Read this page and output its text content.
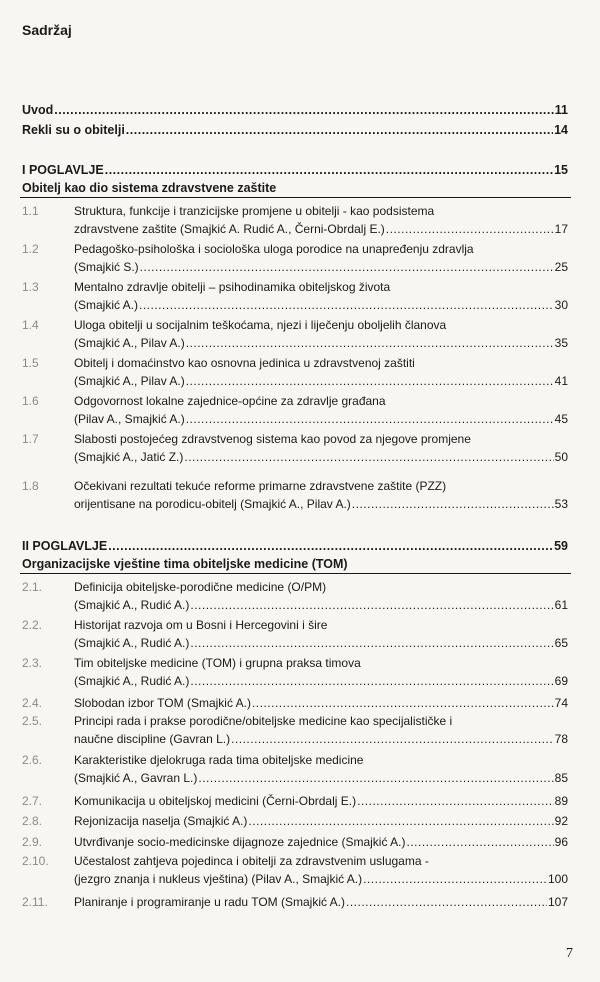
Sadržaj
Uvod .....	11
Rekli su o obitelji .....	14
I POGLAVLJE .....	15
Obitelj kao dio sistema zdravstvene zaštite
1.1	Struktura, funkcije i tranzicijske promjene u obitelji - kao podsistema
zdravstvene zaštite (Smajkić A. Rudić A., Černi-Obrdalj E.) .....	17
1.2	Pedagoško-psihološka i sociološka uloga porodice na unapređenju zdravlja
(Smajkić S.) .....	25
1.3	Mentalno zdravlje obitelji – psihodinamika obiteljskog života
(Smajkić A.) .....	30
1.4	Uloga obitelji u socijalnim teškoćama, njezi i liječenju oboljelih članova
(Smajkić A., Pilav A.) .....	35
1.5	Obitelj i domaćinstvo kao osnovna jedinica u zdravstvenoj zaštiti
(Smajkić A., Pilav A.) .....	41
1.6	Odgovornost lokalne zajednice-općine za zdravlje građana
(Pilav A., Smajkić A.) .....	45
1.7	Slabosti postojećeg zdravstvenog sistema kao povod za njegove promjene
(Smajkić A., Jatić Z.) .....	50
1.8	Očekivani rezultati tekuće reforme primarne zdravstvene zaštite (PZZ)
orijentisane na porodicu-obitelj (Smajkić A., Pilav A.) .....	53
II POGLAVLJE .....	59
Organizacijske vještine tima obiteljske medicine (TOM)
2.1.	Definicija obiteljske-porodične medicine (O/PM)
(Smajkić A., Rudić A.) .....	61
2.2.	Historijat razvoja om u Bosni i Hercegovini i šire
(Smajkić A., Rudić A.) .....	65
2.3.	Tim obiteljske medicine (TOM) i grupna praksa timova
(Smajkić A., Rudić A.) .....	69
2.4.	Slobodan izbor TOM (Smajkić A.) .....	74
2.5.	Principi rada i prakse porodične/obiteljske medicine kao specijalističke i
naučne discipline (Gavran L.) .....	78
2.6.	Karakteristike djelokruga rada tima obiteljske medicine
(Smajkić A., Gavran L.) .....	85
2.7.	Komunikacija u obiteljskoj medicini (Černi-Obrdalj E.) .....	89
2.8.	Rejonizacija naselja (Smajkić A.) .....	92
2.9.	Utvrđivanje socio-medicinske dijagnoze zajednice (Smajkić A.) .....	96
2.10.	Učestalost zahtjeva pojedinca i obitelji za zdravstvenim uslugama -
(jezgro znanja i nukleus vještina) (Pilav A., Smajkić A.) .....	100
2.11.	Planiranje i programiranje u radu TOM (Smajkić A.) .....	107
7
